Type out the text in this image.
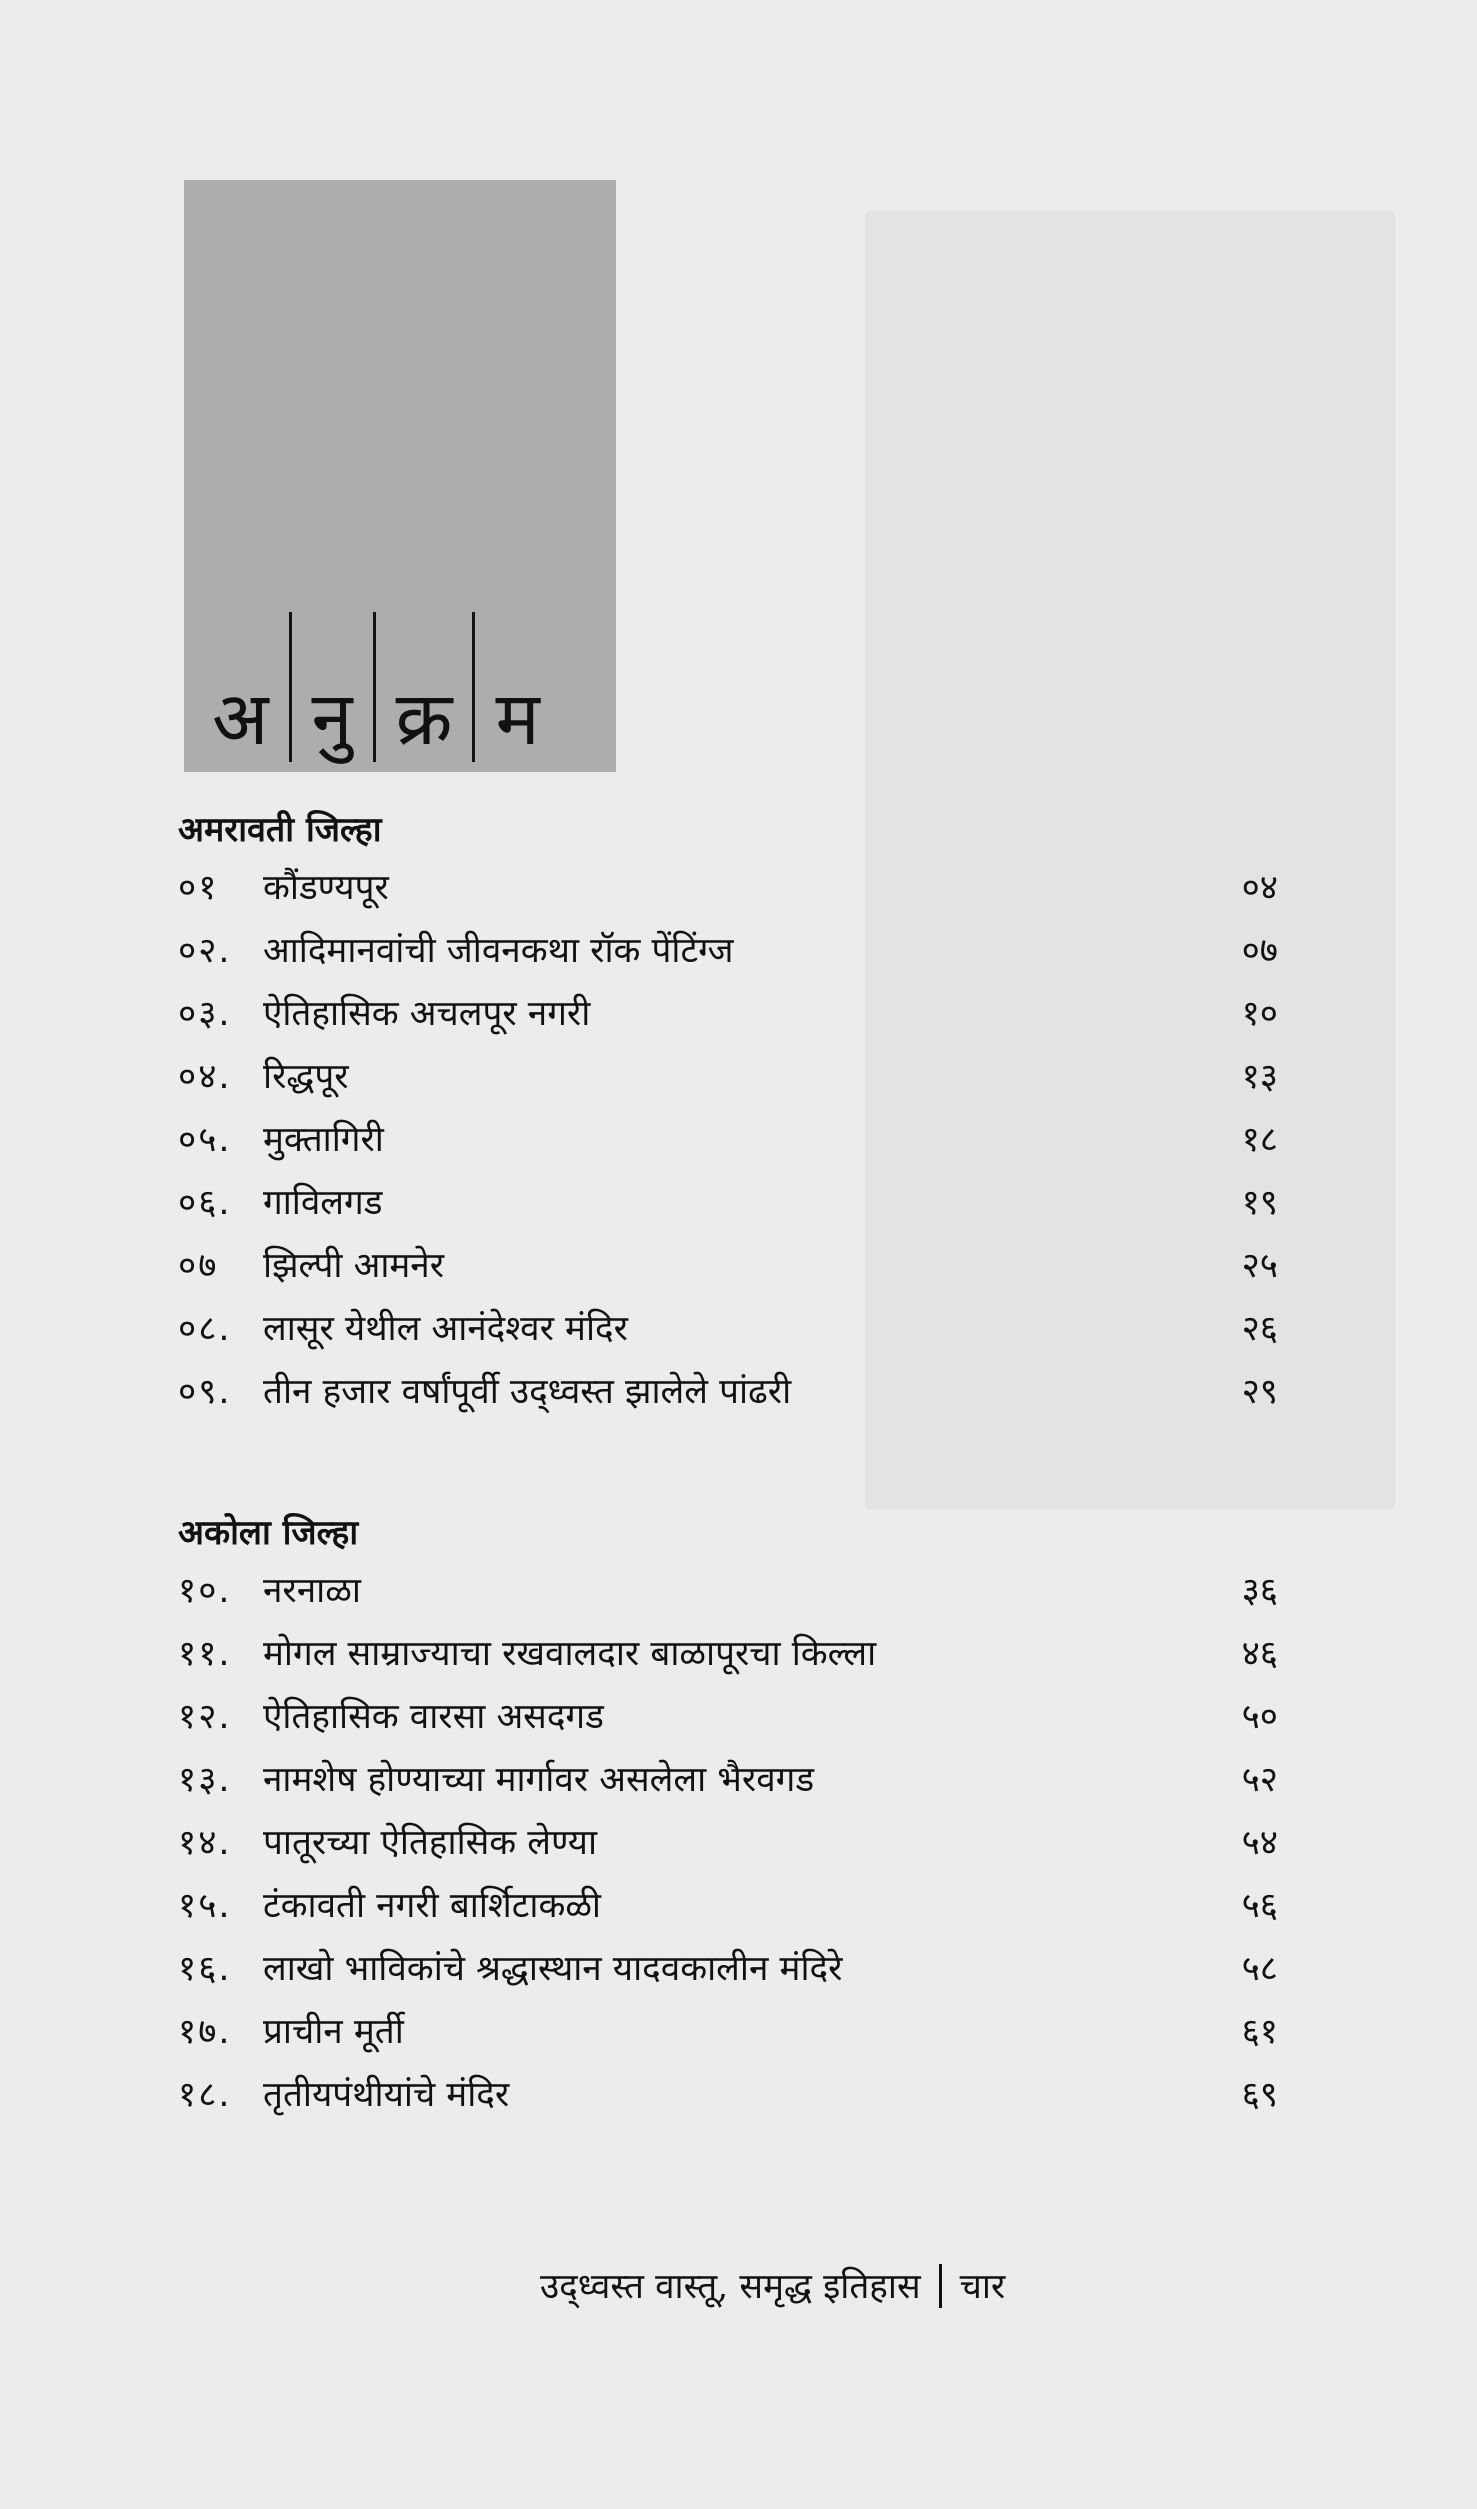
अ नु क्र म
अमरावती जिल्हा
०१	कौंडण्यपूर	०४
०२. आदिमानवांची जीवनकथा रॉक पेंटिंग्ज	०७
०३. ऐतिहासिक अचलपूर नगरी	१०
०४. रिद्धपूर	१३
०५. मुक्तागिरी	१८
०६. गाविलगड	१९
०७	झिल्पी आमनेर	२५
०८. लासूर येथील आनंदेश्वर मंदिर	२६
०९. तीन हजार वर्षांपूर्वी उद्ध्वस्त झालेले पांढरी	२९
अकोला जिल्हा
१०. नरनाळा	३६
११. मोगल साम्राज्याचा रखवालदार बाळापूरचा किल्ला	४६
१२. ऐतिहासिक वारसा असदगड	५०
१३. नामशेष होण्याच्या मार्गावर असलेला भैरवगड	५२
१४. पातूरच्या ऐतिहासिक लेण्या	५४
१५. टंकावती नगरी बार्शिटाकळी	५६
१६. लाखो भाविकांचे श्रद्धास्थान यादवकालीन मंदिरे	५८
१७. प्राचीन मूर्ती	६१
१८. तृतीयपंथीयांचे मंदिर	६९
उद्ध्वस्त वास्तू, समृद्ध इतिहास चार
